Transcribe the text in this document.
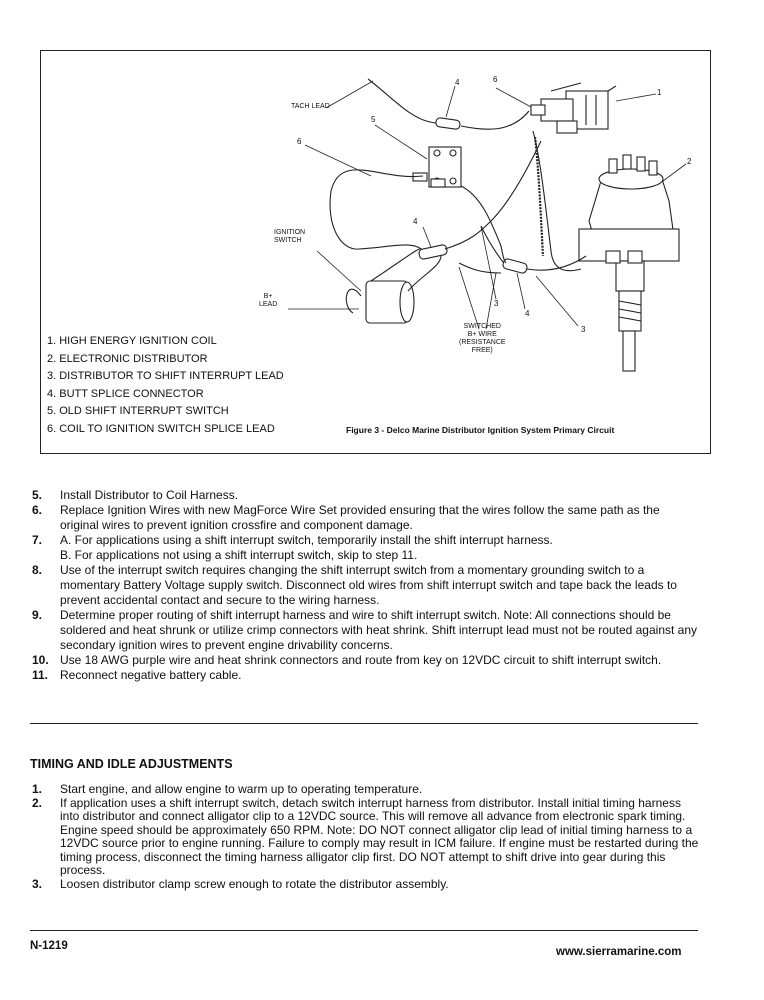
TACH LEAD
IGNITION
SWITCH
B+
LEAD
SWITCHED
B+ WIRE
(RESISTANCE
FREE)
1
2
3
3
4
4
4
5
6
6
1. HIGH ENERGY IGNITION COIL
2. ELECTRONIC DISTRIBUTOR
3. DISTRIBUTOR TO SHIFT INTERRUPT LEAD
4. BUTT SPLICE CONNECTOR
5. OLD SHIFT INTERRUPT SWITCH
6. COIL TO IGNITION SWITCH SPLICE LEAD	Figure 3 - Delco Marine Distributor Ignition System Primary Circuit
5.	Install Distributor to Coil Harness.
6.	Replace Ignition Wires with new MagForce Wire Set provided ensuring that the wires follow the same path as the original wires to prevent ignition crossfire and component damage.
7.	A. For applications using a shift interrupt switch, temporarily install the shift interrupt harness.
B. For applications not using a shift interrupt switch, skip to step 11.
8.	Use of the interrupt switch requires changing the shift interrupt switch from a momentary grounding switch to a momentary Battery Voltage supply switch. Disconnect old wires from shift interrupt switch and tape back the leads to prevent accidental contact and secure to the wiring harness.
9.	Determine proper routing of shift interrupt harness and wire to shift interrupt switch. Note: All connections should be soldered and heat shrunk or utilize crimp connectors with heat shrink. Shift interrupt lead must not be routed against any secondary ignition wires to prevent engine drivability concerns.
10. Use 18 AWG purple wire and heat shrink connectors and route from key on 12VDC circuit to shift interrupt switch.
11. Reconnect negative battery cable.
TIMING AND IDLE ADJUSTMENTS
1.	Start engine, and allow engine to warm up to operating temperature.
2.	If application uses a shift interrupt switch, detach switch interrupt harness from distributor. Install initial timing harness into distributor and connect alligator clip to a 12VDC source. This will remove all advance from electronic spark timing. Engine speed should be approximately 650 RPM. Note: DO NOT connect alligator clip lead of initial timing harness to a 12VDC source prior to engine running. Failure to comply may result in ICM failure. If engine must be restarted during the timing process, disconnect the timing harness alligator clip first. DO NOT attempt to shift drive into gear during this process.
3.	Loosen distributor clamp screw enough to rotate the distributor assembly.
N-1219	www.sierramarine.com
